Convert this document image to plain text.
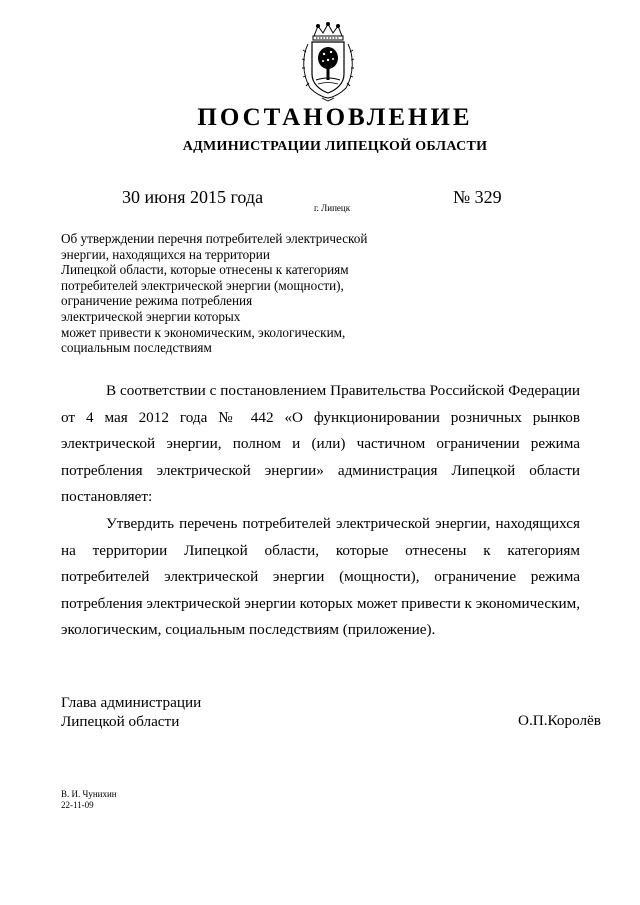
ПОСТАНОВЛЕНИЕ
АДМИНИСТРАЦИИ ЛИПЕЦКОЙ ОБЛАСТИ
30 июня 2015 года
г. Липецк
№ 329
Об утверждении перечня потребителей электрической
энергии, находящихся на территории
Липецкой области, которые отнесены к категориям
потребителей электрической энергии (мощности),
ограничение режима потребления
электрической энергии которых
может привести к экономическим, экологическим,
социальным последствиям

В соответствии с постановлением Правительства Российской Федерации от 4 мая 2012 года № 442 «О функционировании розничных рынков электрической энергии, полном и (или) частичном ограничении режима потребления электрической энергии» администрация Липецкой области постановляет:

Утвердить перечень потребителей электрической энергии, находящихся на территории Липецкой области, которые отнесены к категориям потребителей электрической энергии (мощности), ограничение режима потребления электрической энергии которых может привести к экономическим, экологическим, социальным последствиям (приложение).

Глава администрации
Липецкой области	О.П.Королёв
В. И. Чунихин
22-11-09
